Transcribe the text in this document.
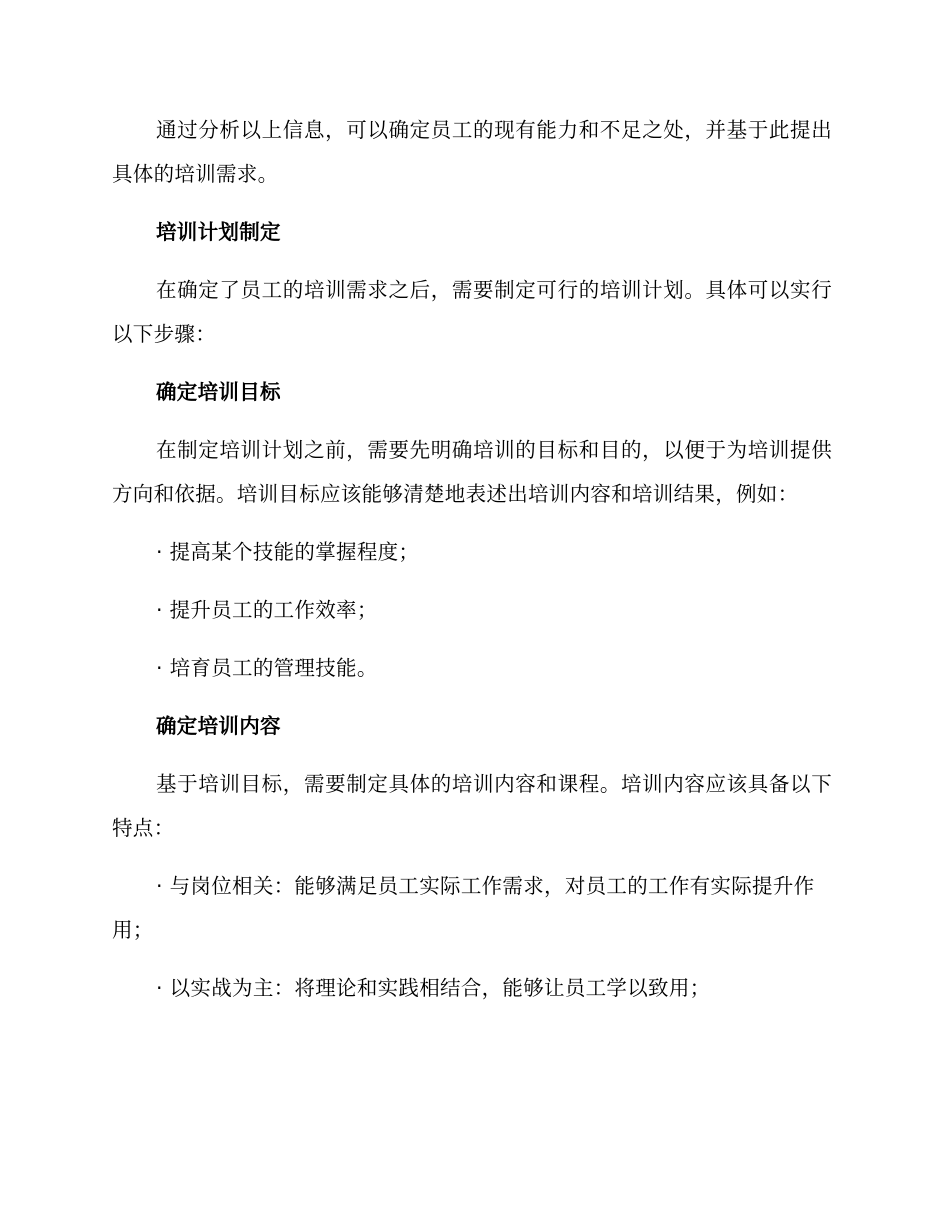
通过分析以上信息，可以确定员工的现有能力和不足之处，并基于此提出具体的培训需求。

培训计划制定

在确定了员工的培训需求之后，需要制定可行的培训计划。具体可以实行以下步骤：

确定培训目标

在制定培训计划之前，需要先明确培训的目标和目的，以便于为培训提供方向和依据。培训目标应该能够清楚地表述出培训内容和培训结果，例如：

· 提高某个技能的掌握程度；

· 提升员工的工作效率；

· 培育员工的管理技能。

确定培训内容

基于培训目标，需要制定具体的培训内容和课程。培训内容应该具备以下特点：

· 与岗位相关：能够满足员工实际工作需求，对员工的工作有实际提升作用；

· 以实战为主：将理论和实践相结合，能够让员工学以致用；
